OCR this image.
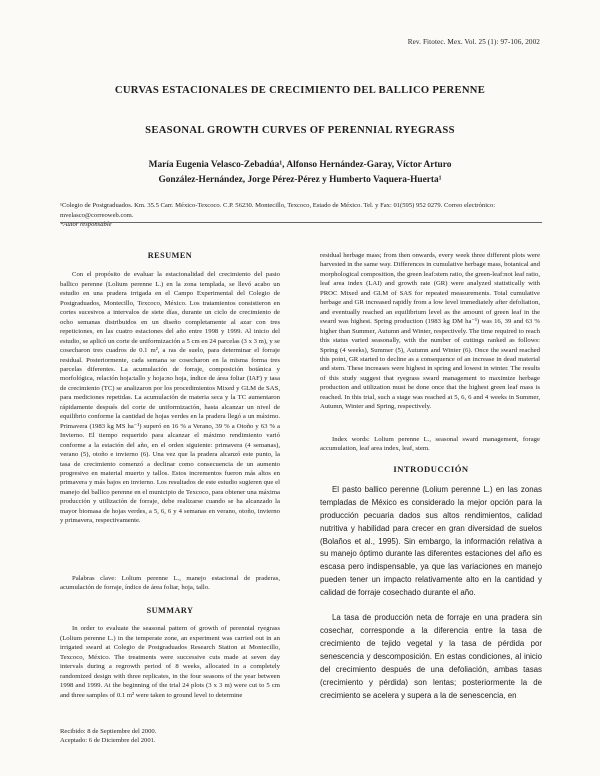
Rev. Fitotec. Mex. Vol. 25 (1): 97-106, 2002
CURVAS ESTACIONALES DE CRECIMIENTO DEL BALLICO PERENNE
SEASONAL GROWTH CURVES OF PERENNIAL RYEGRASS
María Eugenia Velasco-Zebadúa¹, Alfonso Hernández-Garay, Víctor Arturo
González-Hernández, Jorge Pérez-Pérez y Humberto Vaquera-Huerta¹
¹Colegio de Postgraduados. Km. 35.5 Carr. México-Texcoco. C.P. 56230. Montecillo, Texcoco, Estado de México. Tel. y Fax: 01(595) 952 0279. Correo electrónico: mvelasco@correoweb.com.
*Autor responsable
RESUMEN

Con el propósito de evaluar la estacionalidad del crecimiento del pasto ballico perenne (Lolium perenne L.) en la zona templada, se llevó acabo un estudio en una pradera irrigada en el Campo Experimental del Colegio de Postgraduados, Montecillo, Texcoco, México. Los tratamientos consistieron en cortes sucesivos a intervalos de siete días, durante un ciclo de crecimiento de ocho semanas distribuidos en un diseño completamente al azar con tres repeticiones, en las cuatro estaciones del año entre 1998 y 1999. Al inicio del estudio, se aplicó un corte de uniformización a 5 cm en 24 parcelas (3 x 3 m), y se cosecharon tres cuadros de 0.1 m², a ras de suelo, para determinar el forraje residual. Posteriormente, cada semana se cosecharon en la misma forma tres parcelas diferentes. La acumulación de forraje, composición botánica y morfológica, relación hoja:tallo y hoja:no hoja, índice de área foliar (IAF) y tasa de crecimiento (TC) se analizaron por los procedimientos Mixed y GLM de SAS, para mediciones repetidas. La acumulación de materia seca y la TC aumentaron rápidamente después del corte de uniformización, hasta alcanzar un nivel de equilibrio conforme la cantidad de hojas verdes en la pradera llegó a un máximo. Primavera (1983 kg MS ha⁻¹) superó en 16 % a Verano, 39 % a Otoño y 63 % a Invierno. El tiempo requerido para alcanzar el máximo rendimiento varió conforme a la estación del año, en el orden siguiente: primavera (4 semanas), verano (5), otoño e invierno (6). Una vez que la pradera alcanzó este punto, la tasa de crecimiento comenzó a declinar como consecuencia de un aumento progresivo en material muerto y tallos. Estos incrementos fueron más altos en primavera y más bajos en invierno. Los resultados de este estudio sugieren que el manejo del ballico perenne en el municipio de Texcoco, para obtener una máxima producción y utilización de forraje, debe realizarse cuando se ha alcanzado la mayor biomasa de hojas verdes, a 5, 6, 6 y 4 semanas en verano, otoño, invierno y primavera, respectivamente.

Palabras clave: Lolium perenne L., manejo estacional de praderas, acumulación de forraje, índice de área foliar, hoja, tallo.

SUMMARY

In order to evaluate the seasonal pattern of growth of perennial ryegrass (Lolium perenne L.) in the temperate zone, an experiment was carried out in an irrigated sward at Colegio de Postgraduados Research Station at Montecillo, Texcoco, México. The treatments were successive cuts made at seven day intervals during a regrowth period of 8 weeks, allocated in a completely randomized design with three replicates, in the four seasons of the year between 1998 and 1999. At the beginning of the trial 24 plots (3 x 3 m) were cut to 5 cm and three samples of 0.1 m² were taken to ground level to determine

Recibido: 8 de Septiembre del 2000.
Aceptado: 6 de Diciembre del 2001.

residual herbage mass; from then onwards, every week three different plots were harvested in the same way. Differences in cumulative herbage mass, botanical and morphological composition, the green leaf:stem ratio, the green-leaf:not leaf ratio, leaf area index (LAI) and growth rate (GR) were analyzed statistically with PROC Mixed and GLM of SAS for repeated measurements. Total cumulative herbage and GR increased rapidly from a low level immediately after defoliation, and eventually reached an equilibrium level as the amount of green leaf in the sward was highest. Spring production (1983 kg DM ha⁻¹) was 16, 39 and 63 % higher than Summer, Autumn and Winter, respectively. The time required to reach this status varied seasonally, with the number of cuttings ranked as follows: Spring (4 weeks), Summer (5), Autumn and Winter (6). Once the sward reached this point, GR started to decline as a consequence of an increase in dead material and stem. These increases were highest in spring and lowest in winter. The results of this study suggest that ryegrass sward management to maximize herbage production and utilization must be done once that the highest green leaf mass is reached. In this trial, such a stage was reached at 5, 6, 6 and 4 weeks in Summer, Autumn, Winter and Spring, respectively.

Index words: Lolium perenne L., seasonal sward management, forage accumulation, leaf area index, leaf, stem.

INTRODUCCIÓN

El pasto ballico perenne (Lolium perenne L.) en las zonas templadas de México es considerado la mejor opción para la producción pecuaria dados sus altos rendimientos, calidad nutritiva y habilidad para crecer en gran diversidad de suelos (Bolaños et al., 1995). Sin embargo, la información relativa a su manejo óptimo durante las diferentes estaciones del año es escasa pero indispensable, ya que las variaciones en manejo pueden tener un impacto relativamente alto en la cantidad y calidad de forraje cosechado durante el año.

La tasa de producción neta de forraje en una pradera sin cosechar, corresponde a la diferencia entre la tasa de crecimiento de tejido vegetal y la tasa de pérdida por senescencia y descomposición. En estas condiciones, al inicio del crecimiento después de una defoliación, ambas tasas (crecimiento y pérdida) son lentas; posteriormente la de crecimiento se acelera y supera a la de senescencia, en
